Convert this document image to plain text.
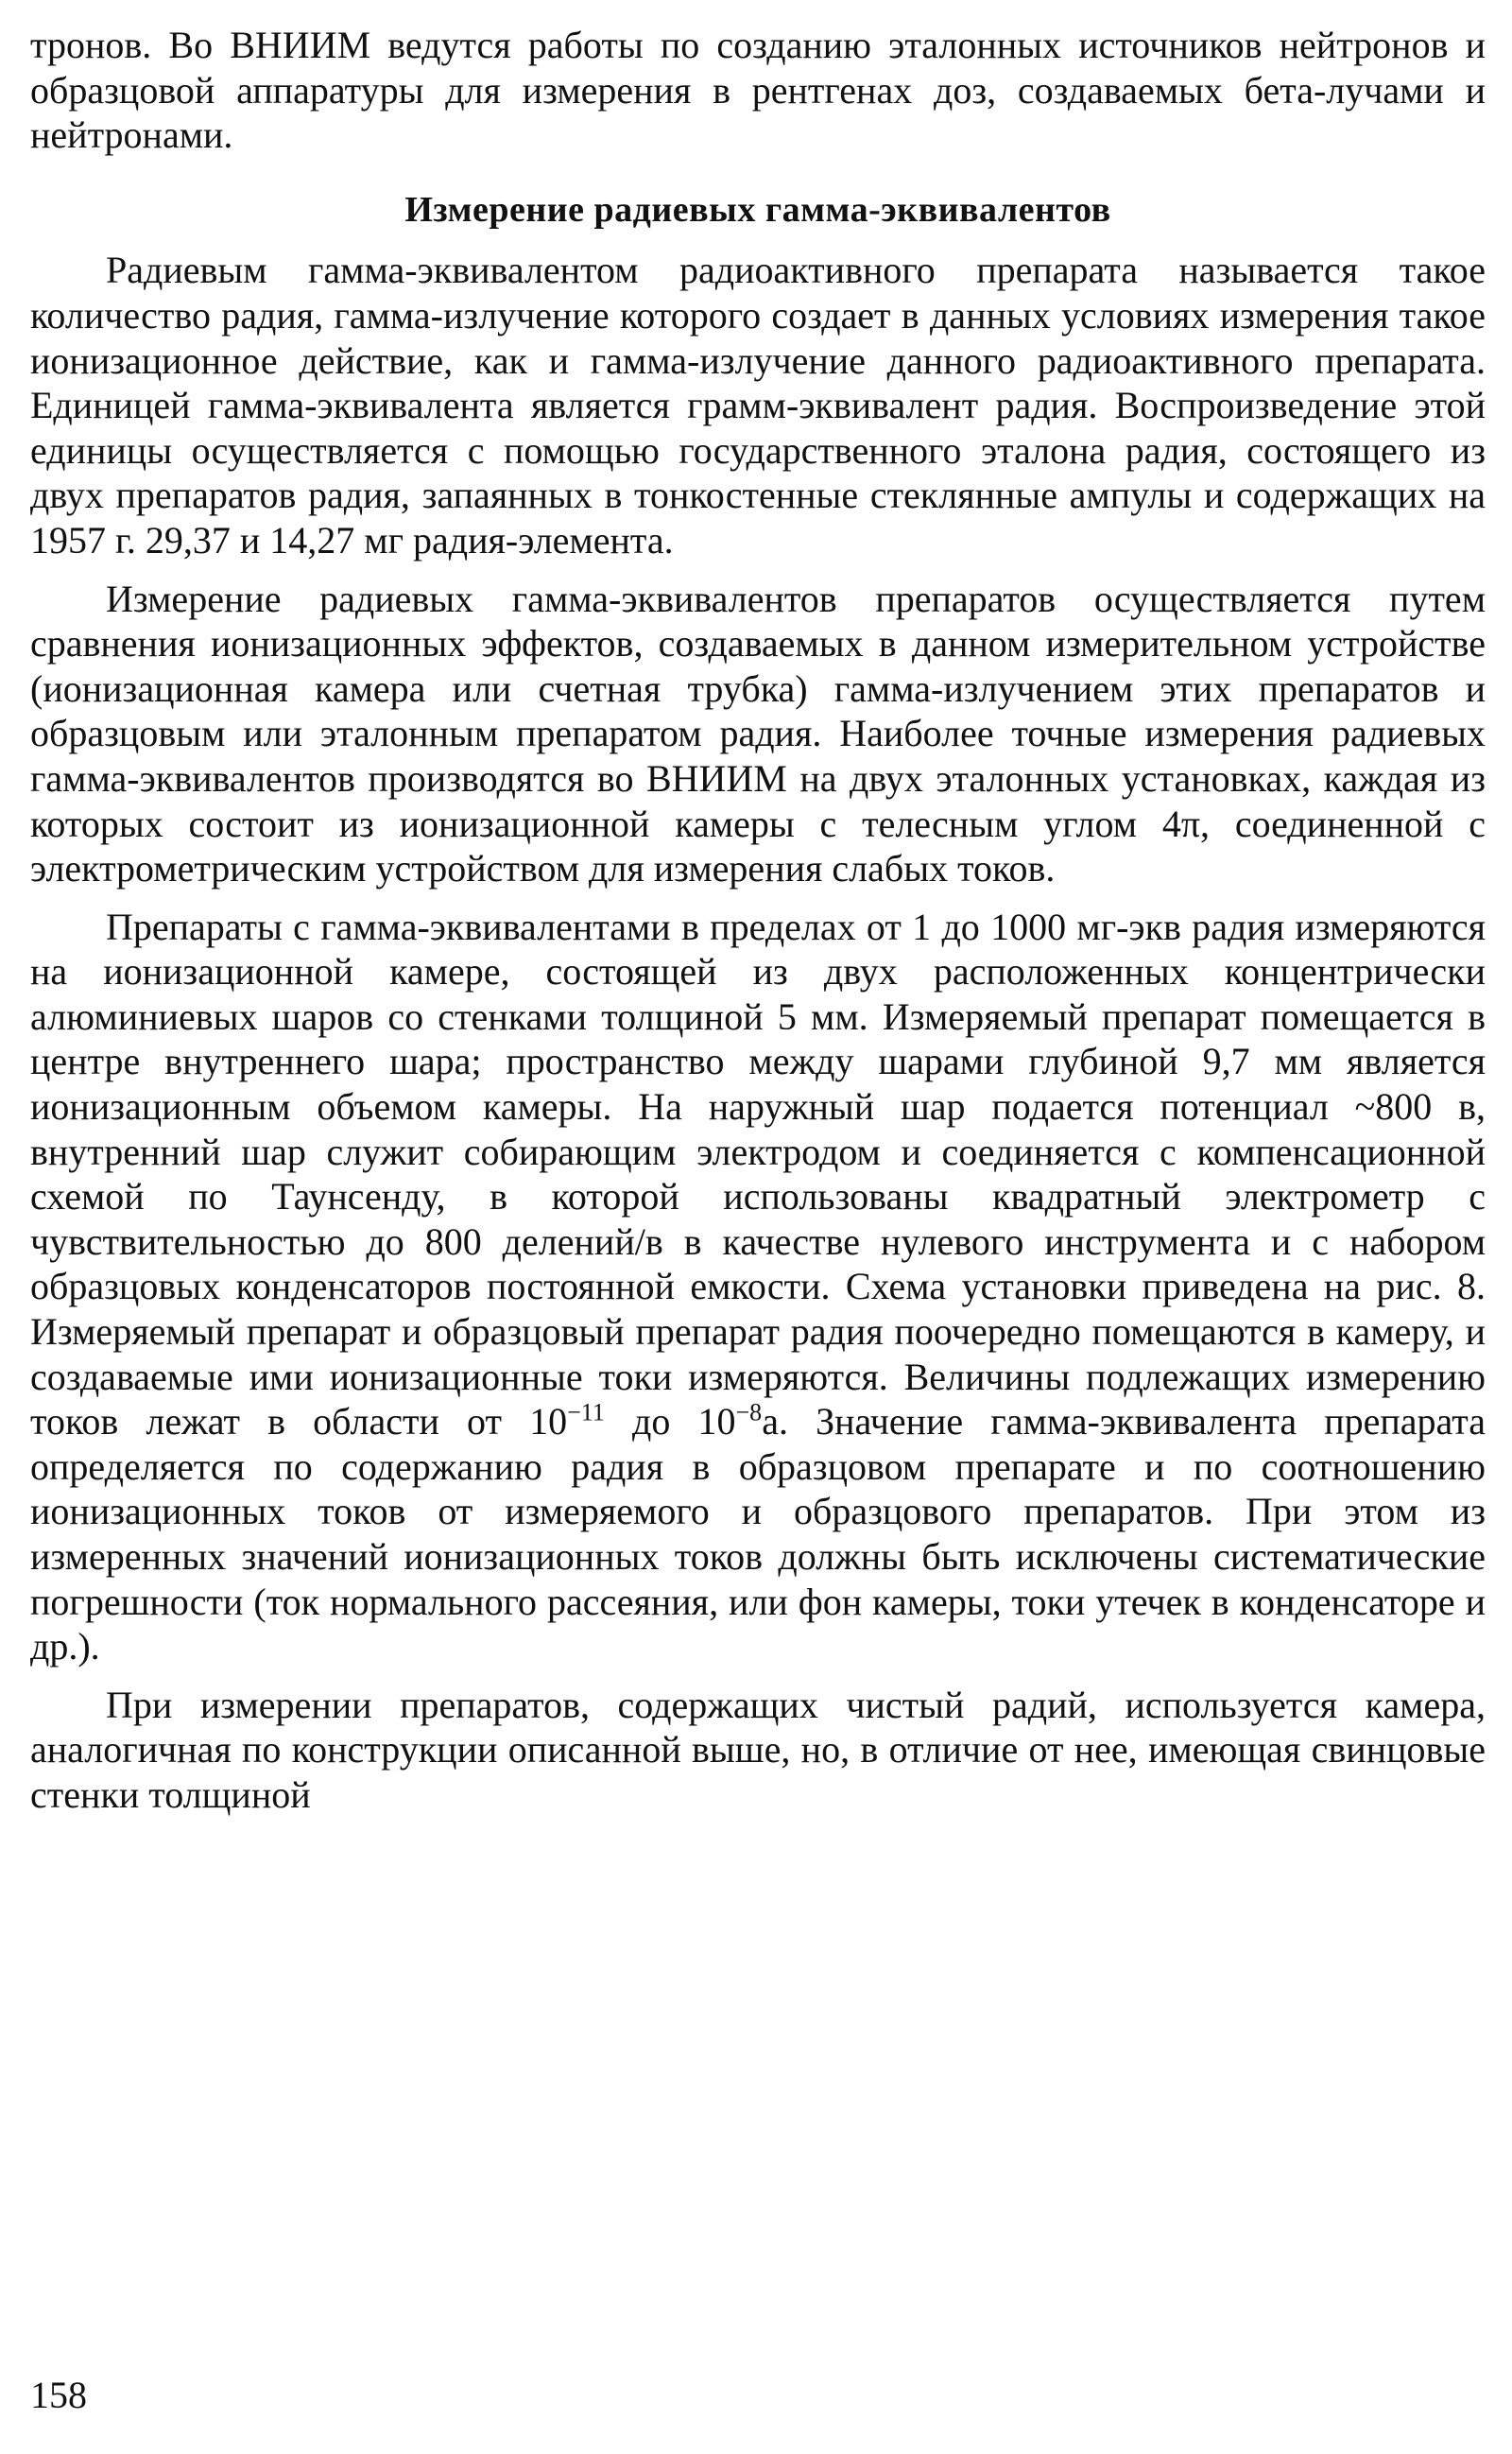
тронов. Во ВНИИМ ведутся работы по созданию эталонных источников нейтронов и образцовой аппаратуры для измерения в рентгенах доз, создаваемых бета-лучами и нейтронами.

Измерение радиевых гамма-эквивалентов

Радиевым гамма-эквивалентом радиоактивного препарата называется такое количество радия, гамма-излучение которого создает в данных условиях измерения такое ионизационное действие, как и гамма-излучение данного радиоактивного препарата. Единицей гамма-эквивалента является грамм-эквивалент радия. Воспроизведение этой единицы осуществляется с помощью государственного эталона радия, состоящего из двух препаратов радия, запаянных в тонкостенные стеклянные ампулы и содержащих на 1957 г. 29,37 и 14,27 мг радия-элемента.

Измерение радиевых гамма-эквивалентов препаратов осуществляется путем сравнения ионизационных эффектов, создаваемых в данном измерительном устройстве (ионизационная камера или счетная трубка) гамма-излучением этих препаратов и образцовым или эталонным препаратом радия. Наиболее точные измерения радиевых гамма-эквивалентов производятся во ВНИИМ на двух эталонных установках, каждая из которых состоит из ионизационной камеры с телесным углом 4π, соединенной с электрометрическим устройством для измерения слабых токов.

Препараты с гамма-эквивалентами в пределах от 1 до 1000 мг-экв радия измеряются на ионизационной камере, состоящей из двух расположенных концентрически алюминиевых шаров со стенками толщиной 5 мм. Измеряемый препарат помещается в центре внутреннего шара; пространство между шарами глубиной 9,7 мм является ионизационным объемом камеры. На наружный шар подается потенциал ~800 в, внутренний шар служит собирающим электродом и соединяется с компенсационной схемой по Таунсенду, в которой использованы квадратный электрометр с чувствительностью до 800 делений/в в качестве нулевого инструмента и с набором образцовых конденсаторов постоянной емкости. Схема установки приведена на рис. 8. Измеряемый препарат и образцовый препарат радия поочередно помещаются в камеру, и создаваемые ими ионизационные токи измеряются. Величины подлежащих измерению токов лежат в области от $10^{-11}$ до $10^{-8}а$. Значение гамма-эквивалента препарата определяется по содержанию радия в образцовом препарате и по соотношению ионизационных токов от измеряемого и образцового препаратов. При этом из измеренных значений ионизационных токов должны быть исключены систематические погрешности (ток нормального рассеяния, или фон камеры, токи утечек в конденсаторе и др.).

При измерении препаратов, содержащих чистый радий, используется камера, аналогичная по конструкции описанной выше, но, в отличие от нее, имеющая свинцовые стенки толщиной

158
